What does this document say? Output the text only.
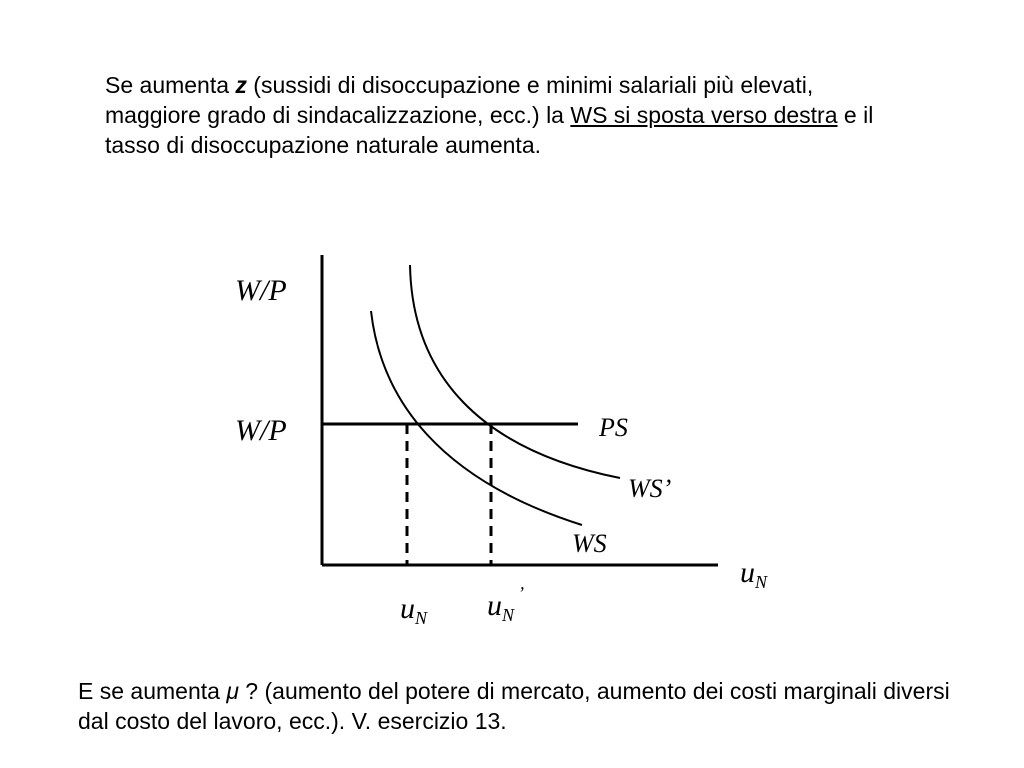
Se aumenta z (sussidi di disoccupazione e minimi salariali più elevati, maggiore grado di sindacalizzazione, ecc.) la WS si sposta verso destra e il tasso di disoccupazione naturale aumenta.

W/P
W/P	PS
WS’
WS
$u_N$
$u_N$ $u_N^’$

E se aumenta μ ? (aumento del potere di mercato, aumento dei costi marginali diversi dal costo del lavoro, ecc.). V. esercizio 13.
